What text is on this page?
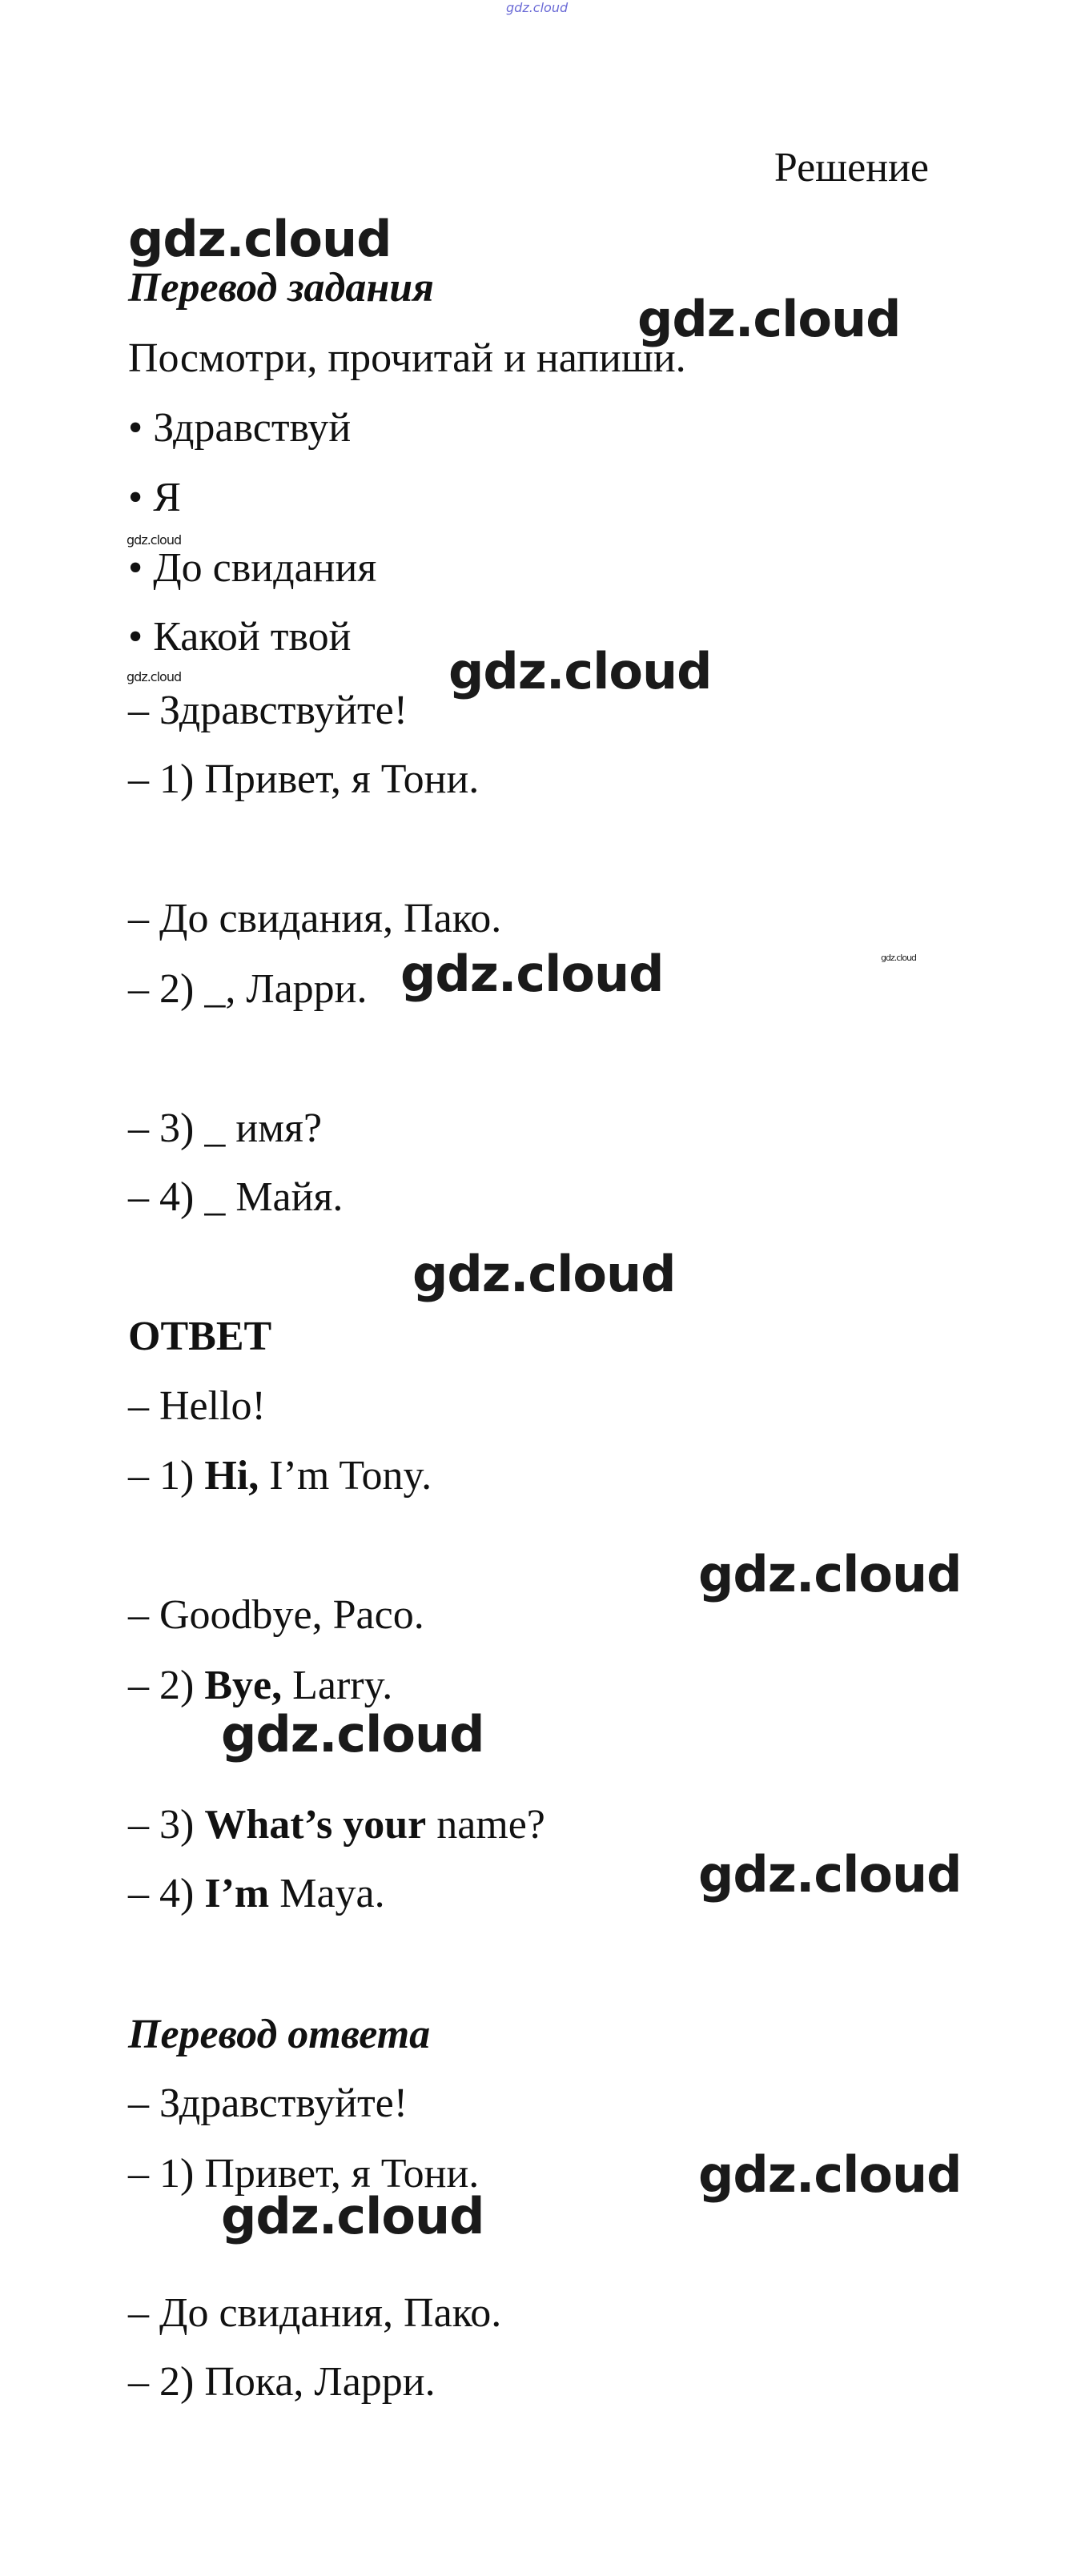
gdz.cloud
Решение
gdz.cloud
gdz.cloud
gdz.cloud
gdz.cloud	gdz.cloud
gdz.cloud	gdz.cloud
gdz.cloud
gdz.cloud
gdz.cloud
gdz.cloud
gdz.cloud
gdz.cloud
Перевод задания
Посмотри, прочитай и напиши.
• Здравствуй
• Я
• До свидания
• Какой твой
– Здравствуйте!
– 1) Привет, я Тони.
– До свидания, Пако.
– 2) _, Ларри.
– 3) _ имя?
– 4) _ Майя.
ОТВЕТ
– Hello!
– 1) Hi, I’m Tony.
– Goodbye, Paco.
– 2) Bye, Larry.
– 3) What’s your name?
– 4) I’m Maya.
Перевод ответа
– Здравствуйте!
– 1) Привет, я Тони.
– До свидания, Пако.
– 2) Пока, Ларри.
